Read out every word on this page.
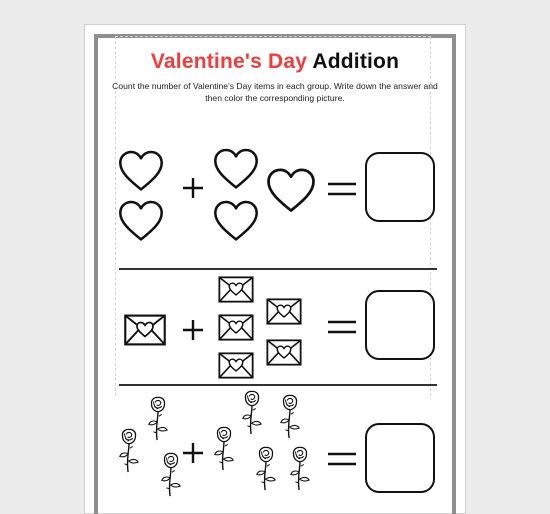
Valentine's Day Addition

Count the number of Valentine's Day items in each group. Write down the answer and then color the corresponding picture.
